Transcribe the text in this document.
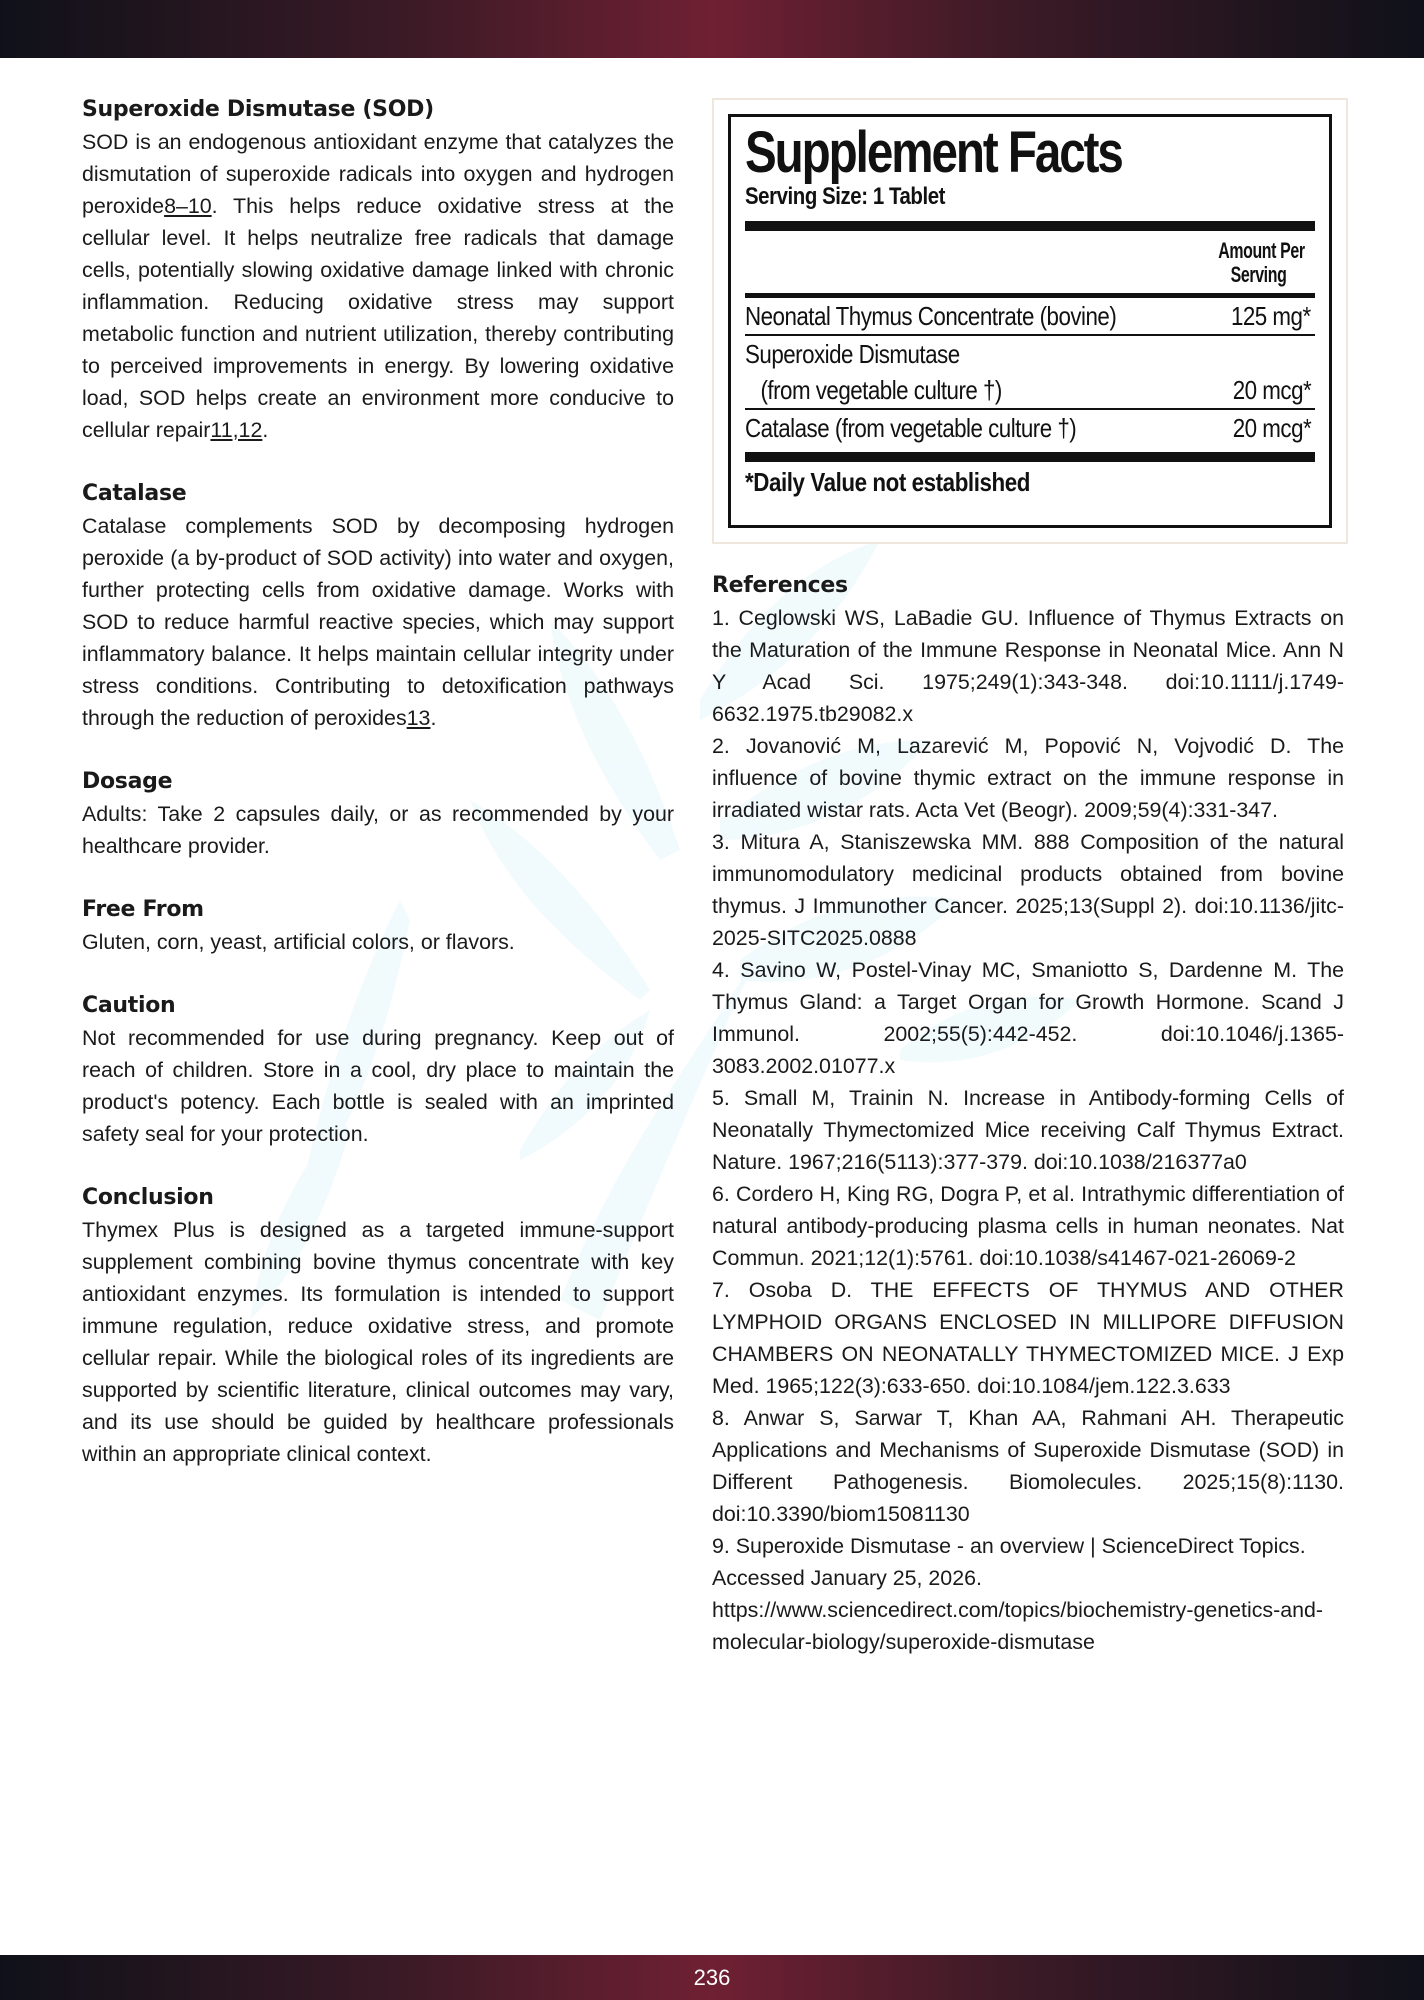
Superoxide Dismutase (SOD)

SOD is an endogenous antioxidant enzyme that catalyzes the dismutation of superoxide radicals into oxygen and hydrogen peroxide8–10. This helps reduce oxidative stress at the cellular level. It helps neutralize free radicals that damage cells, potentially slowing oxidative damage linked with chronic inflammation. Reducing oxidative stress may support metabolic function and nutrient utilization, thereby contributing to perceived improvements in energy. By lowering oxidative load, SOD helps create an environment more conducive to cellular repair11,12.

Catalase

Catalase complements SOD by decomposing hydrogen peroxide (a by-product of SOD activity) into water and oxygen, further protecting cells from oxidative damage. Works with SOD to reduce harmful reactive species, which may support inflammatory balance. It helps maintain cellular integrity under stress conditions. Contributing to detoxification pathways through the reduction of peroxides13.

Dosage

Adults: Take 2 capsules daily, or as recommended by your healthcare provider.

Free From

Gluten, corn, yeast, artificial colors, or flavors.

Caution

Not recommended for use during pregnancy. Keep out of reach of children. Store in a cool, dry place to maintain the product's potency. Each bottle is sealed with an imprinted safety seal for your protection.

Conclusion

Thymex Plus is designed as a targeted immune-support supplement combining bovine thymus concentrate with key antioxidant enzymes. Its formulation is intended to support immune regulation, reduce oxidative stress, and promote cellular repair. While the biological roles of its ingredients are supported by scientific literature, clinical outcomes may vary, and its use should be guided by healthcare professionals within an appropriate clinical context.

Supplement Facts
Serving Size: 1 Tablet
Amount Per
Serving
Neonatal Thymus Concentrate (bovine)	125 mg*
Superoxide Dismutase
(from vegetable culture †)	20 mcg*
Catalase (from vegetable culture †)	20 mcg*
*Daily Value not established
References

1. Ceglowski WS, LaBadie GU. Influence of Thymus Extracts on the Maturation of the Immune Response in Neonatal Mice. Ann N Y Acad Sci. 1975;249(1):343-348. doi:10.1111/j.1749-6632.1975.tb29082.x

2. Jovanović M, Lazarević M, Popović N, Vojvodić D. The influence of bovine thymic extract on the immune response in irradiated wistar rats. Acta Vet (Beogr). 2009;59(4):331-347.

3. Mitura A, Staniszewska MM. 888 Composition of the natural immunomodulatory medicinal products obtained from bovine thymus. J Immunother Cancer. 2025;13(Suppl 2). doi:10.1136/jitc-2025-SITC2025.0888

4. Savino W, Postel-Vinay MC, Smaniotto S, Dardenne M. The Thymus Gland: a Target Organ for Growth Hormone. Scand J Immunol. 2002;55(5):442-452. doi:10.1046/j.1365-3083.2002.01077.x

5. Small M, Trainin N. Increase in Antibody-forming Cells of Neonatally Thymectomized Mice receiving Calf Thymus Extract. Nature. 1967;216(5113):377-379. doi:10.1038/216377a0

6. Cordero H, King RG, Dogra P, et al. Intrathymic differentiation of natural antibody-producing plasma cells in human neonates. Nat Commun. 2021;12(1):5761. doi:10.1038/s41467-021-26069-2

7. Osoba D. THE EFFECTS OF THYMUS AND OTHER LYMPHOID ORGANS ENCLOSED IN MILLIPORE DIFFUSION CHAMBERS ON NEONATALLY THYMECTOMIZED MICE. J Exp Med. 1965;122(3):633-650. doi:10.1084/jem.122.3.633

8. Anwar S, Sarwar T, Khan AA, Rahmani AH. Therapeutic Applications and Mechanisms of Superoxide Dismutase (SOD) in Different Pathogenesis. Biomolecules. 2025;15(8):1130. doi:10.3390/biom15081130

9. Superoxide Dismutase - an overview | ScienceDirect Topics. Accessed January 25, 2026. https://www.sciencedirect.com/topics/biochemistry-genetics-and-molecular-biology/superoxide-dismutase

236
